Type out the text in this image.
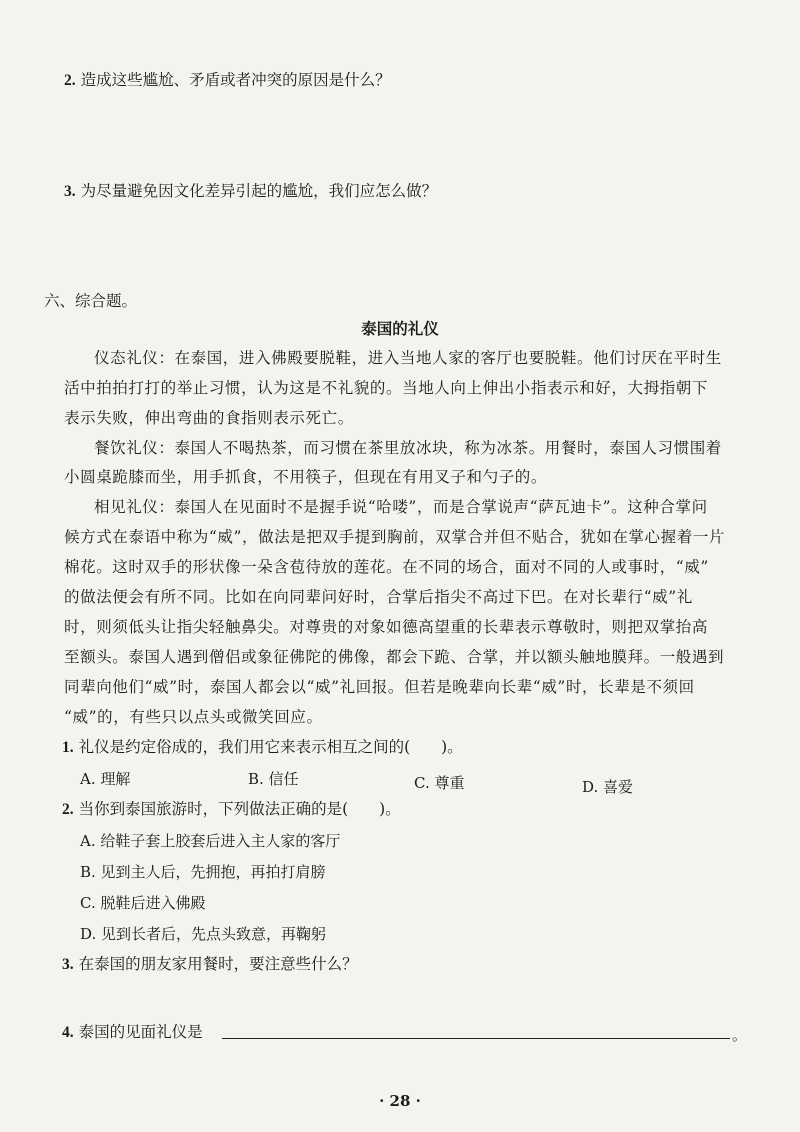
2. 造成这些尴尬、矛盾或者冲突的原因是什么？
3. 为尽量避免因文化差异引起的尴尬，我们应怎么做？
六、综合题。
泰国的礼仪
仪态礼仪：在泰国，进入佛殿要脱鞋，进入当地人家的客厅也要脱鞋。他们讨厌在平时生
活中拍拍打打的举止习惯，认为这是不礼貌的。当地人向上伸出小指表示和好，大拇指朝下
表示失败，伸出弯曲的食指则表示死亡。
餐饮礼仪：泰国人不喝热茶，而习惯在茶里放冰块，称为冰茶。用餐时，泰国人习惯围着
小圆桌跪膝而坐，用手抓食，不用筷子，但现在有用叉子和勺子的。
相见礼仪：泰国人在见面时不是握手说“哈喽”，而是合掌说声“萨瓦迪卡”。这种合掌问
候方式在泰语中称为“威”，做法是把双手提到胸前，双掌合并但不贴合，犹如在掌心握着一片
棉花。这时双手的形状像一朵含苞待放的莲花。在不同的场合，面对不同的人或事时，“威”
的做法便会有所不同。比如在向同辈问好时，合掌后指尖不高过下巴。在对长辈行“威”礼
时，则须低头让指尖轻触鼻尖。对尊贵的对象如德高望重的长辈表示尊敬时，则把双掌抬高
至额头。泰国人遇到僧侣或象征佛陀的佛像，都会下跪、合掌，并以额头触地膜拜。一般遇到
同辈向他们“威”时，泰国人都会以“威”礼回报。但若是晚辈向长辈“威”时，长辈是不须回
“威”的，有些只以点头或微笑回应。
1. 礼仪是约定俗成的，我们用它来表示相互之间的(　　)。
A. 理解	B. 信任	C. 尊重	D. 喜爱
2. 当你到泰国旅游时，下列做法正确的是(　　)。
A. 给鞋子套上胶套后进入主人家的客厅
B. 见到主人后，先拥抱，再拍打肩膀
C. 脱鞋后进入佛殿
D. 见到长者后，先点头致意，再鞠躬
3. 在泰国的朋友家用餐时，要注意些什么？
4. 泰国的见面礼仪是	。
· 28 ·
